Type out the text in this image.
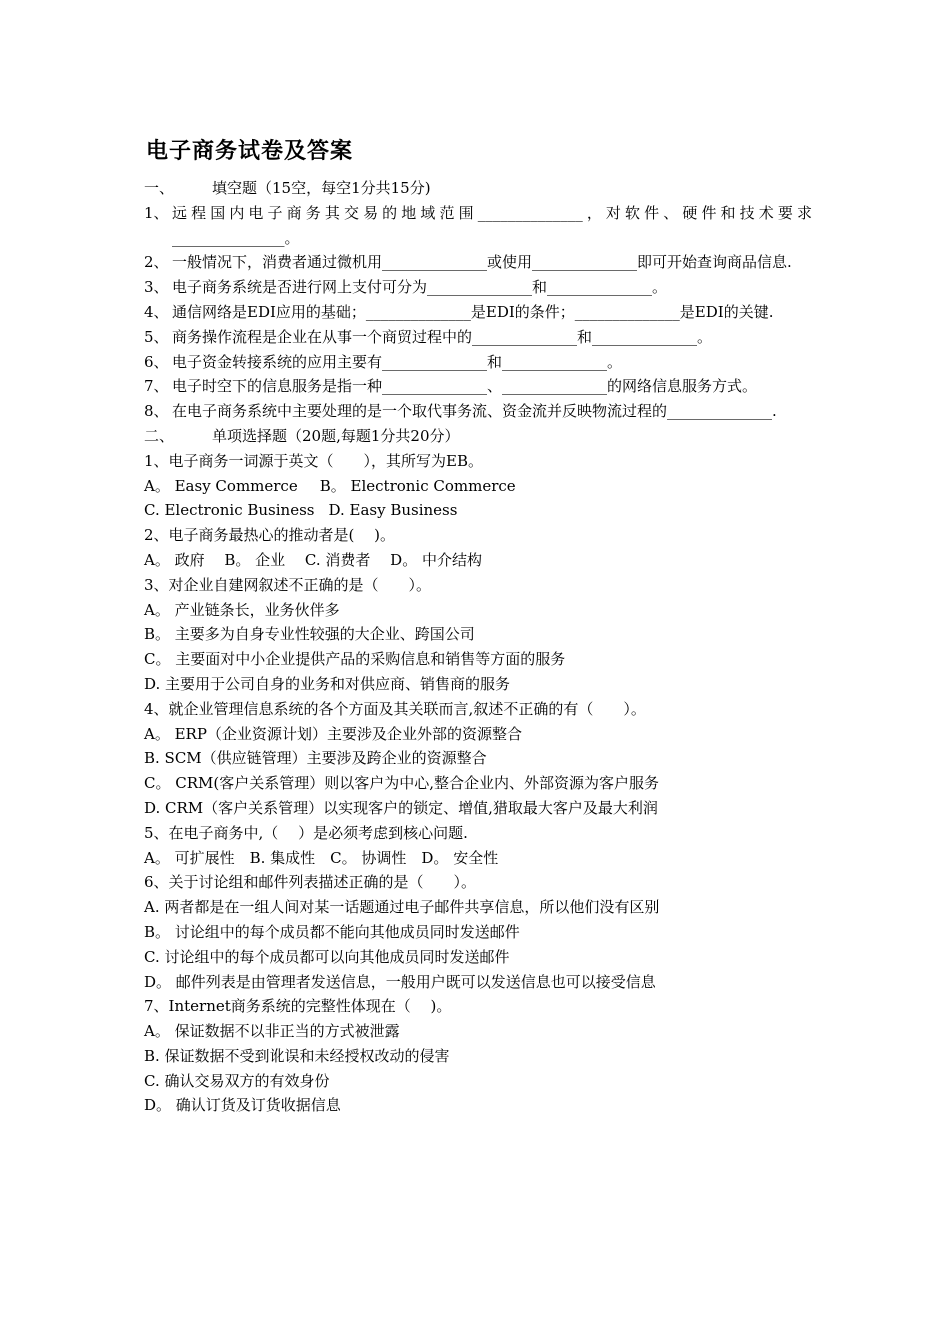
电子商务试卷及答案
一、	填空题（15空，每空1分共15分)
1、 远程国内电子商务其交易的地域范围______________，对软件、硬件和技术要求_______________。
2、 一般情况下，消费者通过微机用______________或使用______________即可开始查询商品信息.
3、 电子商务系统是否进行网上支付可分为______________和______________。
4、 通信网络是EDI应用的基础；______________是EDI的条件；______________是EDI的关键.
5、 商务操作流程是企业在从事一个商贸过程中的______________和______________。
6、 电子资金转接系统的应用主要有______________和______________。
7、 电子时空下的信息服务是指一种______________、______________的网络信息服务方式。
8、 在电子商务系统中主要处理的是一个取代事务流、资金流并反映物流过程的______________.
二、	单项选择题（20题,每题1分共20分）
1、电子商务一词源于英文（　　），其所写为EB。
A。 Easy Commerce B。 Electronic Commerce
C. Electronic Business D. Easy Business
2、电子商务最热心的推动者是(　 )。
A。 政府　 B。 企业　 C. 消费者　 D。 中介结构
3、对企业自建网叙述不正确的是（　　）。
A。 产业链条长，业务伙伴多
B。 主要多为自身专业性较强的大企业、跨国公司
C。 主要面对中小企业提供产品的采购信息和销售等方面的服务
D. 主要用于公司自身的业务和对供应商、销售商的服务
4、就企业管理信息系统的各个方面及其关联而言,叙述不正确的有（　　）。
A。 ERP（企业资源计划）主要涉及企业外部的资源整合
B. SCM（供应链管理）主要涉及跨企业的资源整合
C。 CRM(客户关系管理）则以客户为中心,整合企业内、外部资源为客户服务
D. CRM（客户关系管理）以实现客户的锁定、增值,猎取最大客户及最大利润
5、在电子商务中,（　 ）是必须考虑到核心问题.
A。 可扩展性　B. 集成性　C。 协调性　D。 安全性
6、关于讨论组和邮件列表描述正确的是（　　）。
A. 两者都是在一组人间对某一话题通过电子邮件共享信息，所以他们没有区别
B。 讨论组中的每个成员都不能向其他成员同时发送邮件
C. 讨论组中的每个成员都可以向其他成员同时发送邮件
D。 邮件列表是由管理者发送信息，一般用户既可以发送信息也可以接受信息
7、Internet商务系统的完整性体现在（　 )。
A。 保证数据不以非正当的方式被泄露
B. 保证数据不受到讹误和未经授权改动的侵害
C. 确认交易双方的有效身份
D。 确认订货及订货收据信息
